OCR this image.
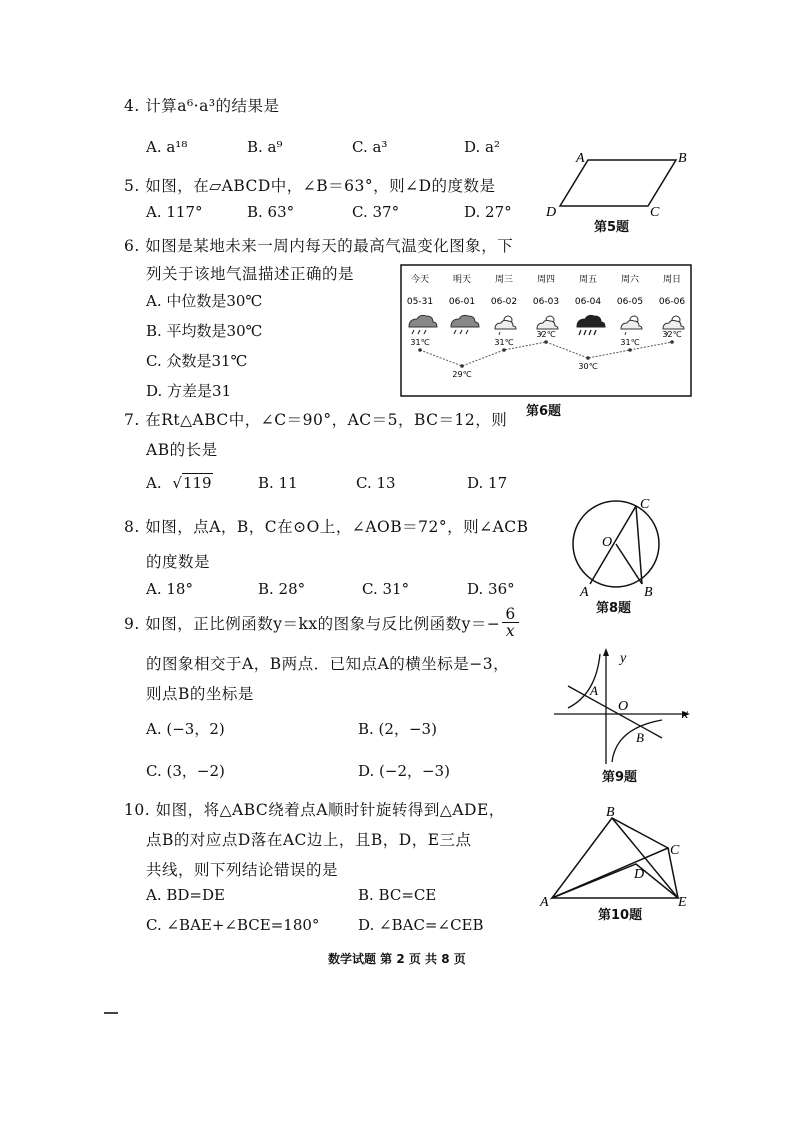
4. 计算a⁶·a³的结果是
A. a¹⁸	B. a⁹	C. a³	D. a²
5. 如图，在▱ABCD中，∠B＝63°，则∠D的度数是
A. 117°	B. 63°	C. 37°	D. 27°
A	B
C
D
第5题
6. 如图是某地未来一周内每天的最高气温变化图象，下
列关于该地气温描述正确的是
A. 中位数是30℃
B. 平均数是30℃
C. 众数是31℃
D. 方差是31
今天
05-31
明天
06-01
周三
06-02
周四
06-03
周五
06-04
周六
06-05
周日
06-06
31℃
29℃
31℃
32℃
30℃
31℃
32℃
第6题
7. 在Rt△ABC中，∠C＝90°，AC＝5，BC＝12，则
AB的长是
A. √119	B. 11	C. 13	D. 17
8. 如图，点A，B，C在⊙O上，∠AOB＝72°，则∠ACB
的度数是
A. 18°	B. 28°	C. 31°	D. 36°
C
O
A	B
第8题
9. 如图，正比例函数y＝kx的图象与反比例函数$y=- \frac{6}{x}$
的图象相交于A，B两点．已知点A的横坐标是−3，
则点B的坐标是
A. (−3，2)	B. (2，−3)
C. (3，−2)	D. (−2，−3)
y
x
A
O
B
第9题
10. 如图，将△ABC绕着点A顺时针旋转得到△ADE，
点B的对应点D落在AC边上，且B，D，E三点
共线，则下列结论错误的是
A. BD=DE	B. BC=CE
C. ∠BAE+∠BCE=180°	D. ∠BAC=∠CEB
B
C
D
A	E
第10题
数学试题 第 2 页 共 8 页
